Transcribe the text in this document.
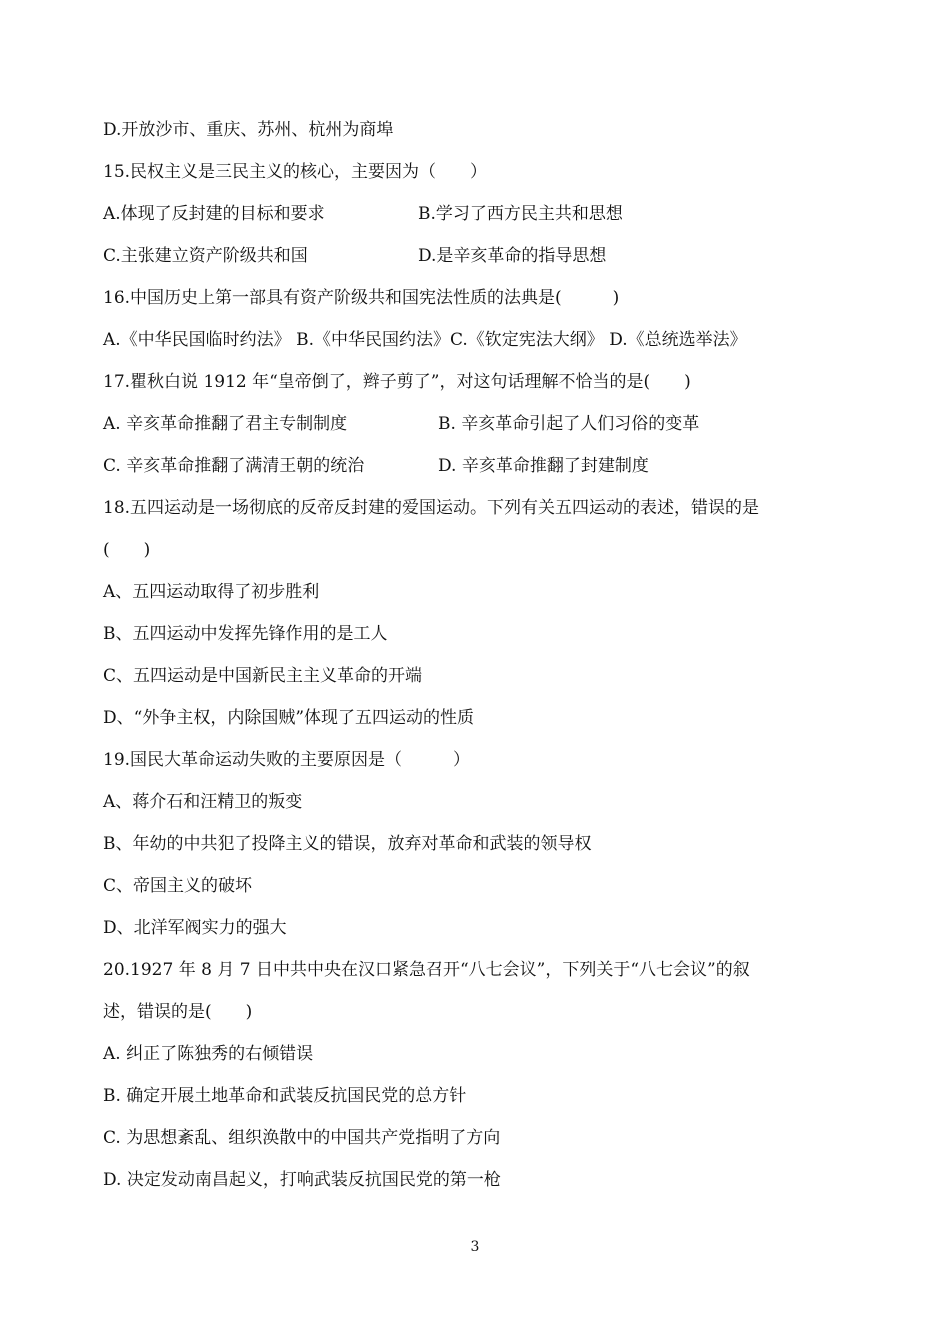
D.开放沙市、重庆、苏州、杭州为商埠
15.民权主义是三民主义的核心，主要因为（　　）
A.体现了反封建的目标和要求	B.学习了西方民主共和思想
C.主张建立资产阶级共和国	D.是辛亥革命的指导思想
16.中国历史上第一部具有资产阶级共和国宪法性质的法典是(　　　)
A.《中华民国临时约法》 B.《中华民国约法》C.《钦定宪法大纲》 D.《总统选举法》
17.瞿秋白说 1912 年“皇帝倒了，辫子剪了”，对这句话理解不恰当的是(　　)
A. 辛亥革命推翻了君主专制制度	B. 辛亥革命引起了人们习俗的变革
C. 辛亥革命推翻了满清王朝的统治	D. 辛亥革命推翻了封建制度
18.五四运动是一场彻底的反帝反封建的爱国运动。下列有关五四运动的表述，错误的是
(　　)
A、五四运动取得了初步胜利
B、五四运动中发挥先锋作用的是工人
C、五四运动是中国新民主主义革命的开端
D、“外争主权，内除国贼”体现了五四运动的性质
19.国民大革命运动失败的主要原因是（　　　）
A、蒋介石和汪精卫的叛变
B、年幼的中共犯了投降主义的错误，放弃对革命和武装的领导权
C、帝国主义的破坏
D、北洋军阀实力的强大
20.1927 年 8 月 7 日中共中央在汉口紧急召开“八七会议”，下列关于“八七会议”的叙
述，错误的是(　　)
A. 纠正了陈独秀的右倾错误
B. 确定开展土地革命和武装反抗国民党的总方针
C. 为思想紊乱、组织涣散中的中国共产党指明了方向
D. 决定发动南昌起义，打响武装反抗国民党的第一枪
3
